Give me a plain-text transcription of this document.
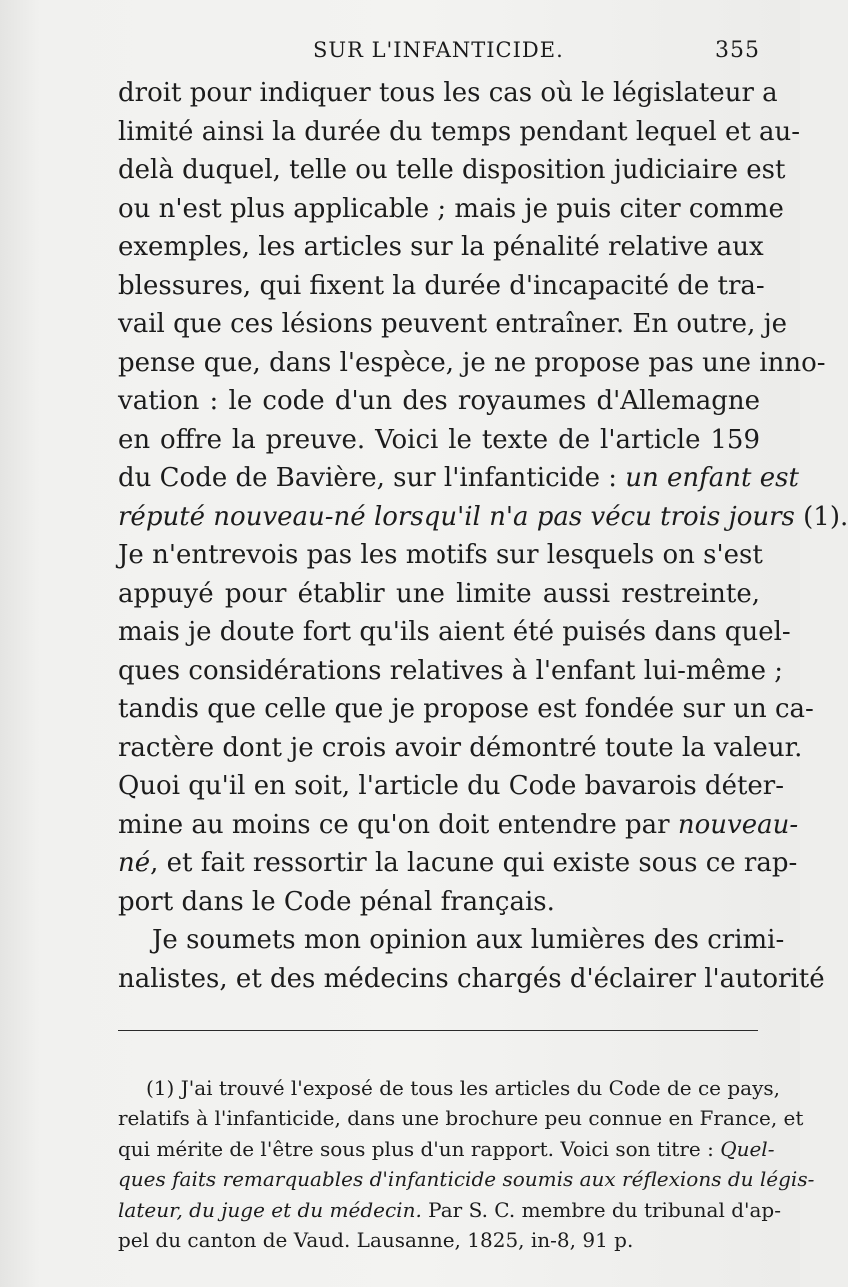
SUR L'INFANTICIDE.	355
droit pour indiquer tous les cas où le législateur a
limité ainsi la durée du temps pendant lequel et au-
delà duquel, telle ou telle disposition judiciaire est
ou n'est plus applicable ; mais je puis citer comme
exemples, les articles sur la pénalité relative aux
blessures, qui fixent la durée d'incapacité de tra-
vail que ces lésions peuvent entraîner. En outre, je
pense que, dans l'espèce, je ne propose pas une inno-
vation : le code d'un des royaumes d'Allemagne
en offre la preuve. Voici le texte de l'article 159
du Code de Bavière, sur l'infanticide : un enfant est
réputé nouveau-né lorsqu'il n'a pas vécu trois jours (1).
Je n'entrevois pas les motifs sur lesquels on s'est
appuyé pour établir une limite aussi restreinte,
mais je doute fort qu'ils aient été puisés dans quel-
ques considérations relatives à l'enfant lui-même ;
tandis que celle que je propose est fondée sur un ca-
ractère dont je crois avoir démontré toute la valeur.
Quoi qu'il en soit, l'article du Code bavarois déter-
mine au moins ce qu'on doit entendre par nouveau-
né, et fait ressortir la lacune qui existe sous ce rap-
port dans le Code pénal français.
Je soumets mon opinion aux lumières des crimi-
nalistes, et des médecins chargés d'éclairer l'autorité
(1) J'ai trouvé l'exposé de tous les articles du Code de ce pays,
relatifs à l'infanticide, dans une brochure peu connue en France, et
qui mérite de l'être sous plus d'un rapport. Voici son titre : Quel-
ques faits remarquables d'infanticide soumis aux réflexions du légis-
lateur, du juge et du médecin. Par S. C. membre du tribunal d'ap-
pel du canton de Vaud. Lausanne, 1825, in-8, 91 p.
